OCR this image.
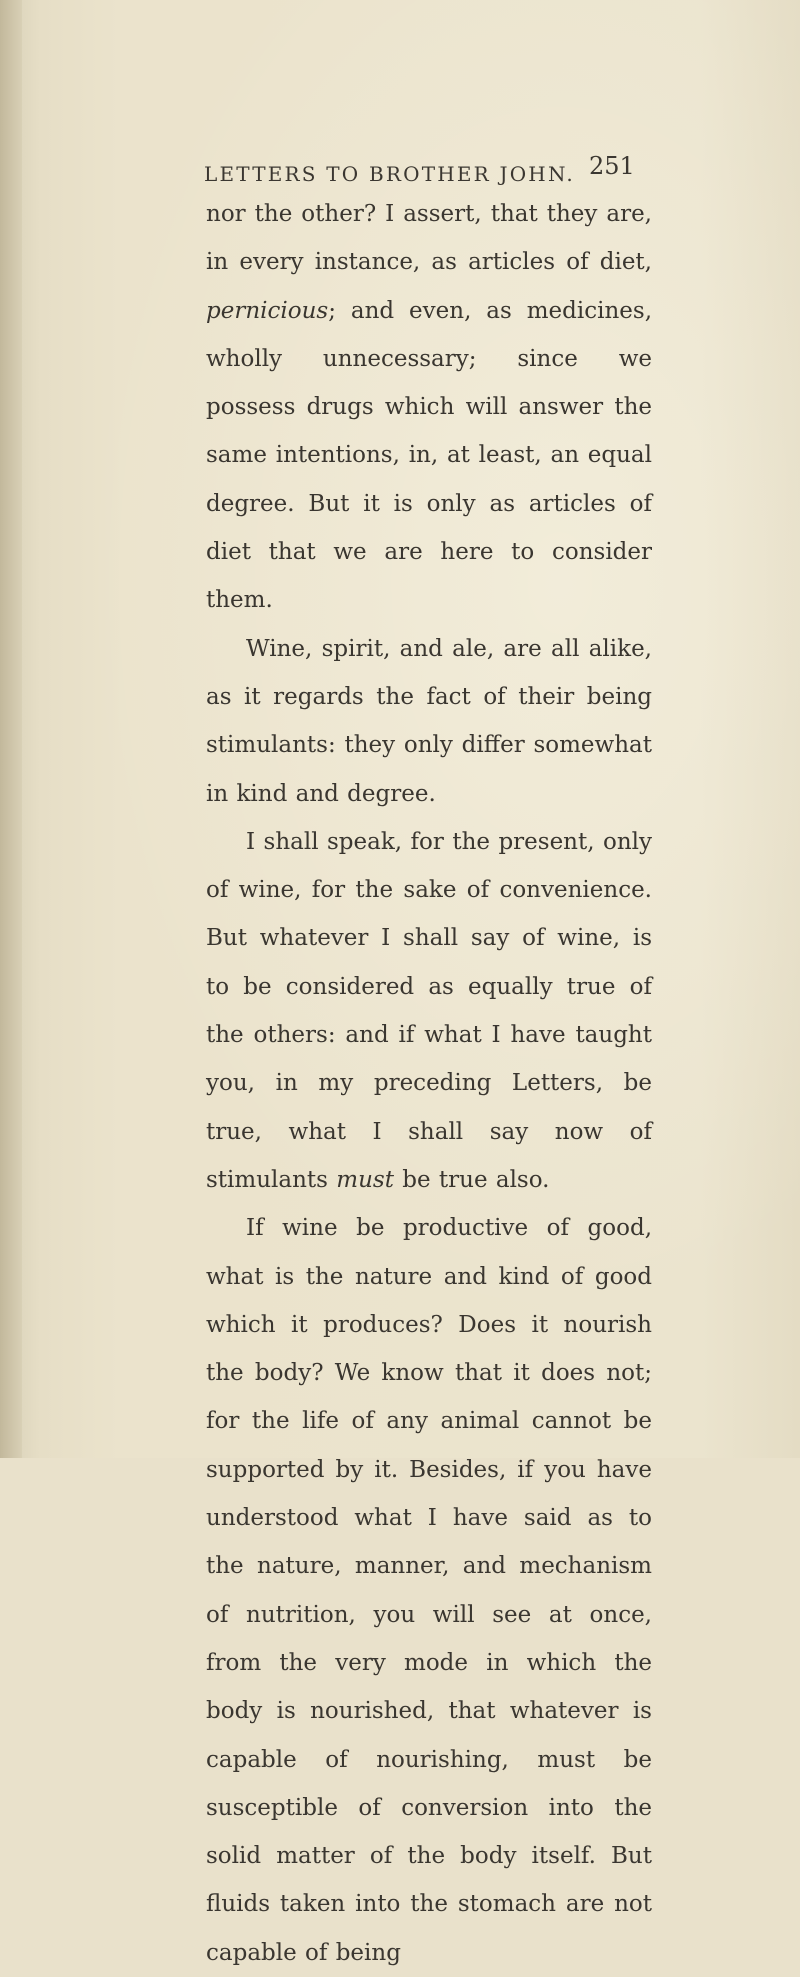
LETTERS TO BROTHER JOHN. 251

nor the other? I assert, that they are, in every instance, as articles of diet, pernicious; and even, as medicines, wholly unnecessary; since we possess drugs which will answer the same intentions, in, at least, an equal degree. But it is only as articles of diet that we are here to consider them.

Wine, spirit, and ale, are all alike, as it regards the fact of their being stimulants: they only differ somewhat in kind and degree.

I shall speak, for the present, only of wine, for the sake of convenience. But whatever I shall say of wine, is to be considered as equally true of the others: and if what I have taught you, in my preceding Letters, be true, what I shall say now of stimulants must be true also.

If wine be productive of good, what is the nature and kind of good which it produces? Does it nourish the body? We know that it does not; for the life of any animal cannot be supported by it. Besides, if you have understood what I have said as to the nature, manner, and mechanism of nutrition, you will see at once, from the very mode in which the body is nourished, that whatever is capable of nourishing, must be susceptible of conversion into the solid matter of the body itself. But fluids taken into the stomach are not capable of being
